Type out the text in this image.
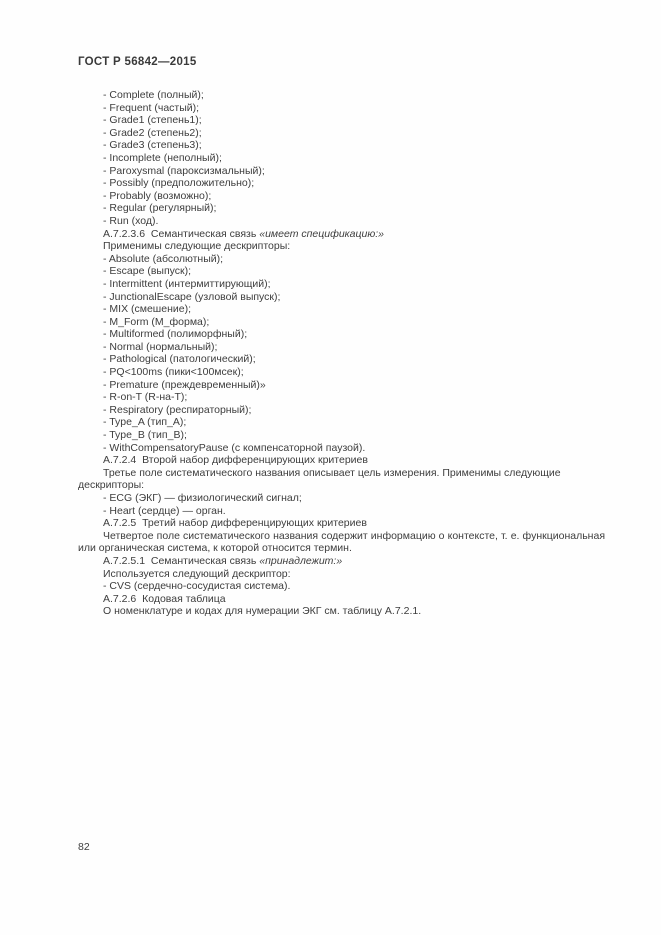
ГОСТ Р 56842—2015
- Complete (полный);
- Frequent (частый);
- Grade1 (степень1);
- Grade2 (степень2);
- Grade3 (степень3);
- Incomplete (неполный);
- Paroxysmal (пароксизмальный);
- Possibly (предположительно);
- Probably (возможно);
- Regular (регулярный);
- Run (ход).
А.7.2.3.6  Семантическая связь «имеет спецификацию:»
Применимы следующие дескрипторы:
- Absolute (абсолютный);
- Escape (выпуск);
- Intermittent (интермиттирующий);
- JunctionalEscape (узловой выпуск);
- MIX (смешение);
- M_Form (М_форма);
- Multiformed (полиморфный);
- Normal (нормальный);
- Pathological (патологический);
- PQ<100ms (пики<100мсек);
- Premature (преждевременный)»
- R-on-T (R-на-Т);
- Respiratory (респираторный);
- Type_A (тип_А);
- Type_B (тип_В);
- WithCompensatoryPause (с компенсаторной паузой).
А.7.2.4  Второй набор дифференцирующих критериев
Третье поле систематического названия описывает цель измерения. Применимы следующие дескрипторы:
- ECG (ЭКГ) — физиологический сигнал;
- Heart (сердце) — орган.
А.7.2.5  Третий набор дифференцирующих критериев
Четвертое поле систематического названия содержит информацию о контексте, т. е. функциональная или органическая система, к которой относится термин.
А.7.2.5.1  Семантическая связь «принадлежит:»
Используется следующий дескриптор:
- CVS (сердечно-сосудистая система).
А.7.2.6  Кодовая таблица
О номенклатуре и кодах для нумерации ЭКГ см. таблицу А.7.2.1.
82
